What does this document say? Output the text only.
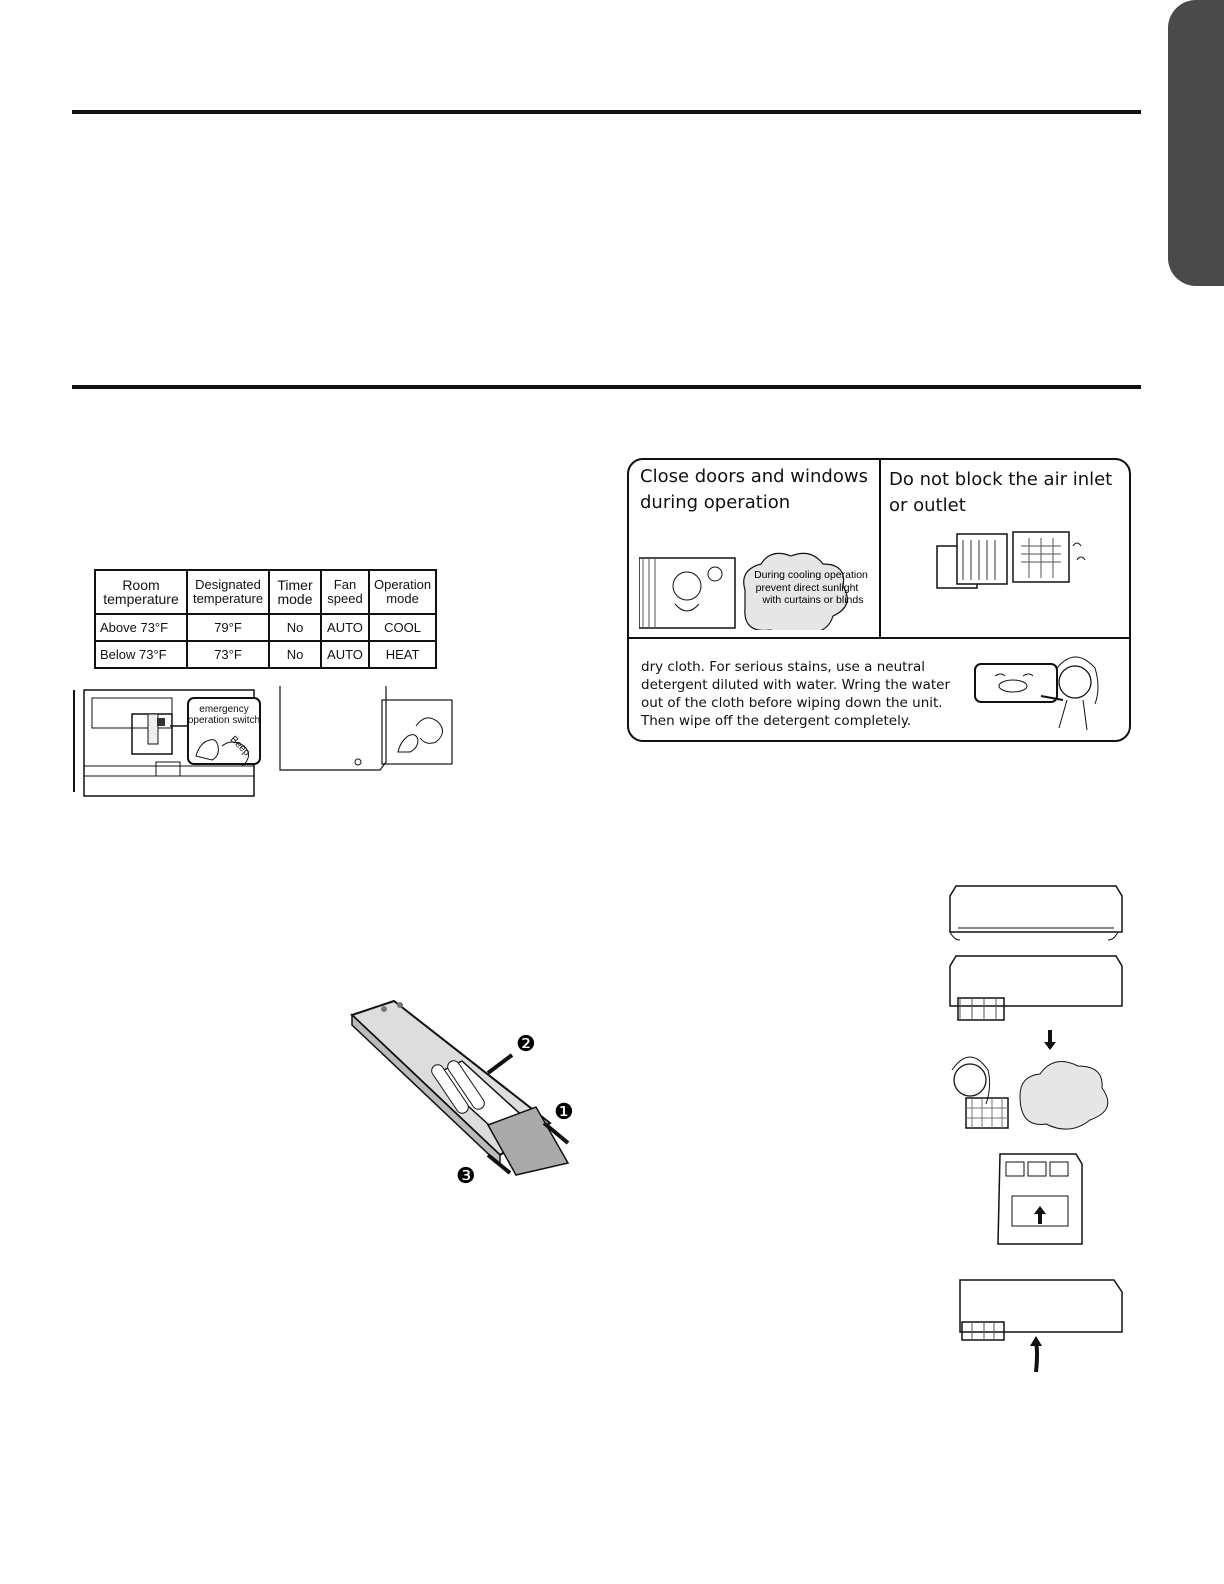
Room temperature	Designated temperature	Timer mode	Fan speed	Operation mode
Above 73°F	79°F	No	AUTO	COOL
Below 73°F	73°F	No	AUTO	HEAT
emergency
operation switch
Beep
❷
❶
❸
Close doors and windows during operation
Do not block the air inlet or outlet
During cooling operation
prevent direct sunlight
with curtains or blinds
dry cloth. For serious stains, use a neutral detergent diluted with water. Wring the water out of the cloth before wiping down the unit. Then wipe off the detergent completely.
